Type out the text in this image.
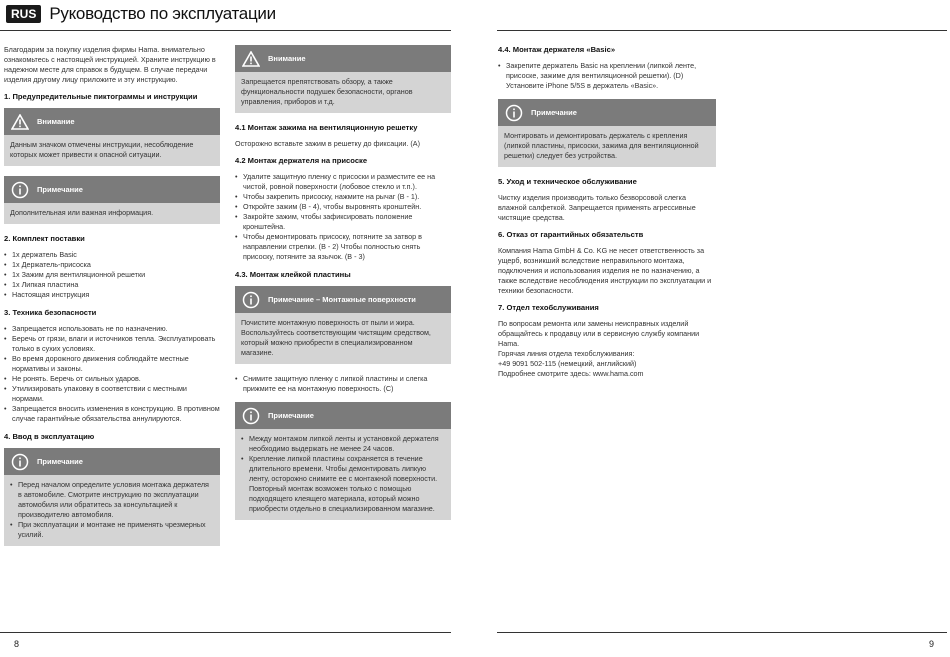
RUS Руководство по эксплуатации

Благодарим за покупку изделия фирмы Hama. внимательно ознакомьтесь с настоящей инструкцией. Храните инструкцию в надежном месте для справок в будущем. В случае передачи изделия другому лицу приложите и эту инструкцию.

1. Предупредительные пиктограммы и инструкции
Внимание
Данным значком отмечены инструкции, несоблюдение которых может привести к опасной ситуации.
Примечание
Дополнительная или важная информация.
2. Комплект поставки
• 1x держатель Basic
• 1x Держатель-присоска
• 1x Зажим для вентиляционной решетки
• 1x Липкая пластина
• Настоящая инструкция
3. Техника безопасности
• Запрещается использовать не по назначению.
• Беречь от грязи, влаги и источников тепла. Эксплуатировать только в сухих условиях.
• Во время дорожного движения соблюдайте местные нормативы и законы.
• Не ронять. Беречь от сильных ударов.
• Утилизировать упаковку в соответствии с местными нормами.
• Запрещается вносить изменения в конструкцию. В противном случае гарантийные обязательства аннулируются.
4. Ввод в эксплуатацию
Примечание
• Перед началом определите условия монтажа держателя в автомобиле. Смотрите инструкцию по эксплуатации автомобиля или обратитесь за консультацией к производителю автомобиля.
• При эксплуатации и монтаже не применять чрезмерных усилий.
Внимание
Запрещается препятствовать обзору, а также функциональности подушек безопасности, органов управления, приборов и т.д.
4.1 Монтаж зажима на вентиляционную решетку

Осторожно вставьте зажим в решетку до фиксации. (A)

4.2 Монтаж держателя на присоске
• Удалите защитную пленку с присоски и разместите ее на чистой, ровной поверхности (лобовое стекло и т.п.).
• Чтобы закрепить присоску, нажмите на рычаг (B - 1).
• Откройте зажим (B - 4), чтобы выровнять кронштейн.
• Закройте зажим, чтобы зафиксировать положение кронштейна.
• Чтобы демонтировать присоску, потяните за затвор в направлении стрелки. (B - 2) Чтобы полностью снять присоску, потяните за язычок. (B - 3)
4.3. Монтаж клейкой пластины
Примечание – Монтажные поверхности
Почистите монтажную поверхность от пыли и жира. Воспользуйтесь соответствующим чистящим средством, который можно приобрести в специализированном магазине.
• Снимите защитную пленку с липкой пластины и слегка прижмите ее на монтажную поверхность. (C)
Примечание
• Между монтажом липкой ленты и установкой держателя необходимо выдержать не менее 24 часов.
• Крепление липкой пластины сохраняется в течение длительного времени. Чтобы демонтировать липкую ленту, осторожно снимите ее с монтажной поверхности. Повторный монтаж возможен только с помощью подходящего клеящего материала, который можно приобрести отдельно в специализированном магазине.
4.4. Монтаж держателя «Basic»
• Закрепите держатель Basic на креплении (липкой ленте, присоске, зажиме для вентиляционной решетки). (D) Установите iPhone 5/5S в держатель «Basic».
Примечание
Монтировать и демонтировать держатель с крепления (липкой пластины, присоски, зажима для вентиляционной решетки) следует без устройства.
5. Уход и техническое обслуживание

Чистку изделия производить только безворсовой слегка влажной салфеткой. Запрещается применять агрессивные чистящие средства.

6. Отказ от гарантийных обязательств

Компания Hama GmbH & Co. KG не несет ответственность за ущерб, возникший вследствие неправильного монтажа, подключения и использования изделия не по назначению, а также вследствие несоблюдения инструкции по эксплуатации и техники безопасности.

7. Отдел техобслуживания

По вопросам ремонта или замены неисправных изделий обращайтесь к продавцу или в сервисную службу компании Hama.

Горячая линия отдела техобслуживания:
+49 9091 502-115 (немецкий, английский)
Подробнее смотрите здесь: www.hama.com
8	9
